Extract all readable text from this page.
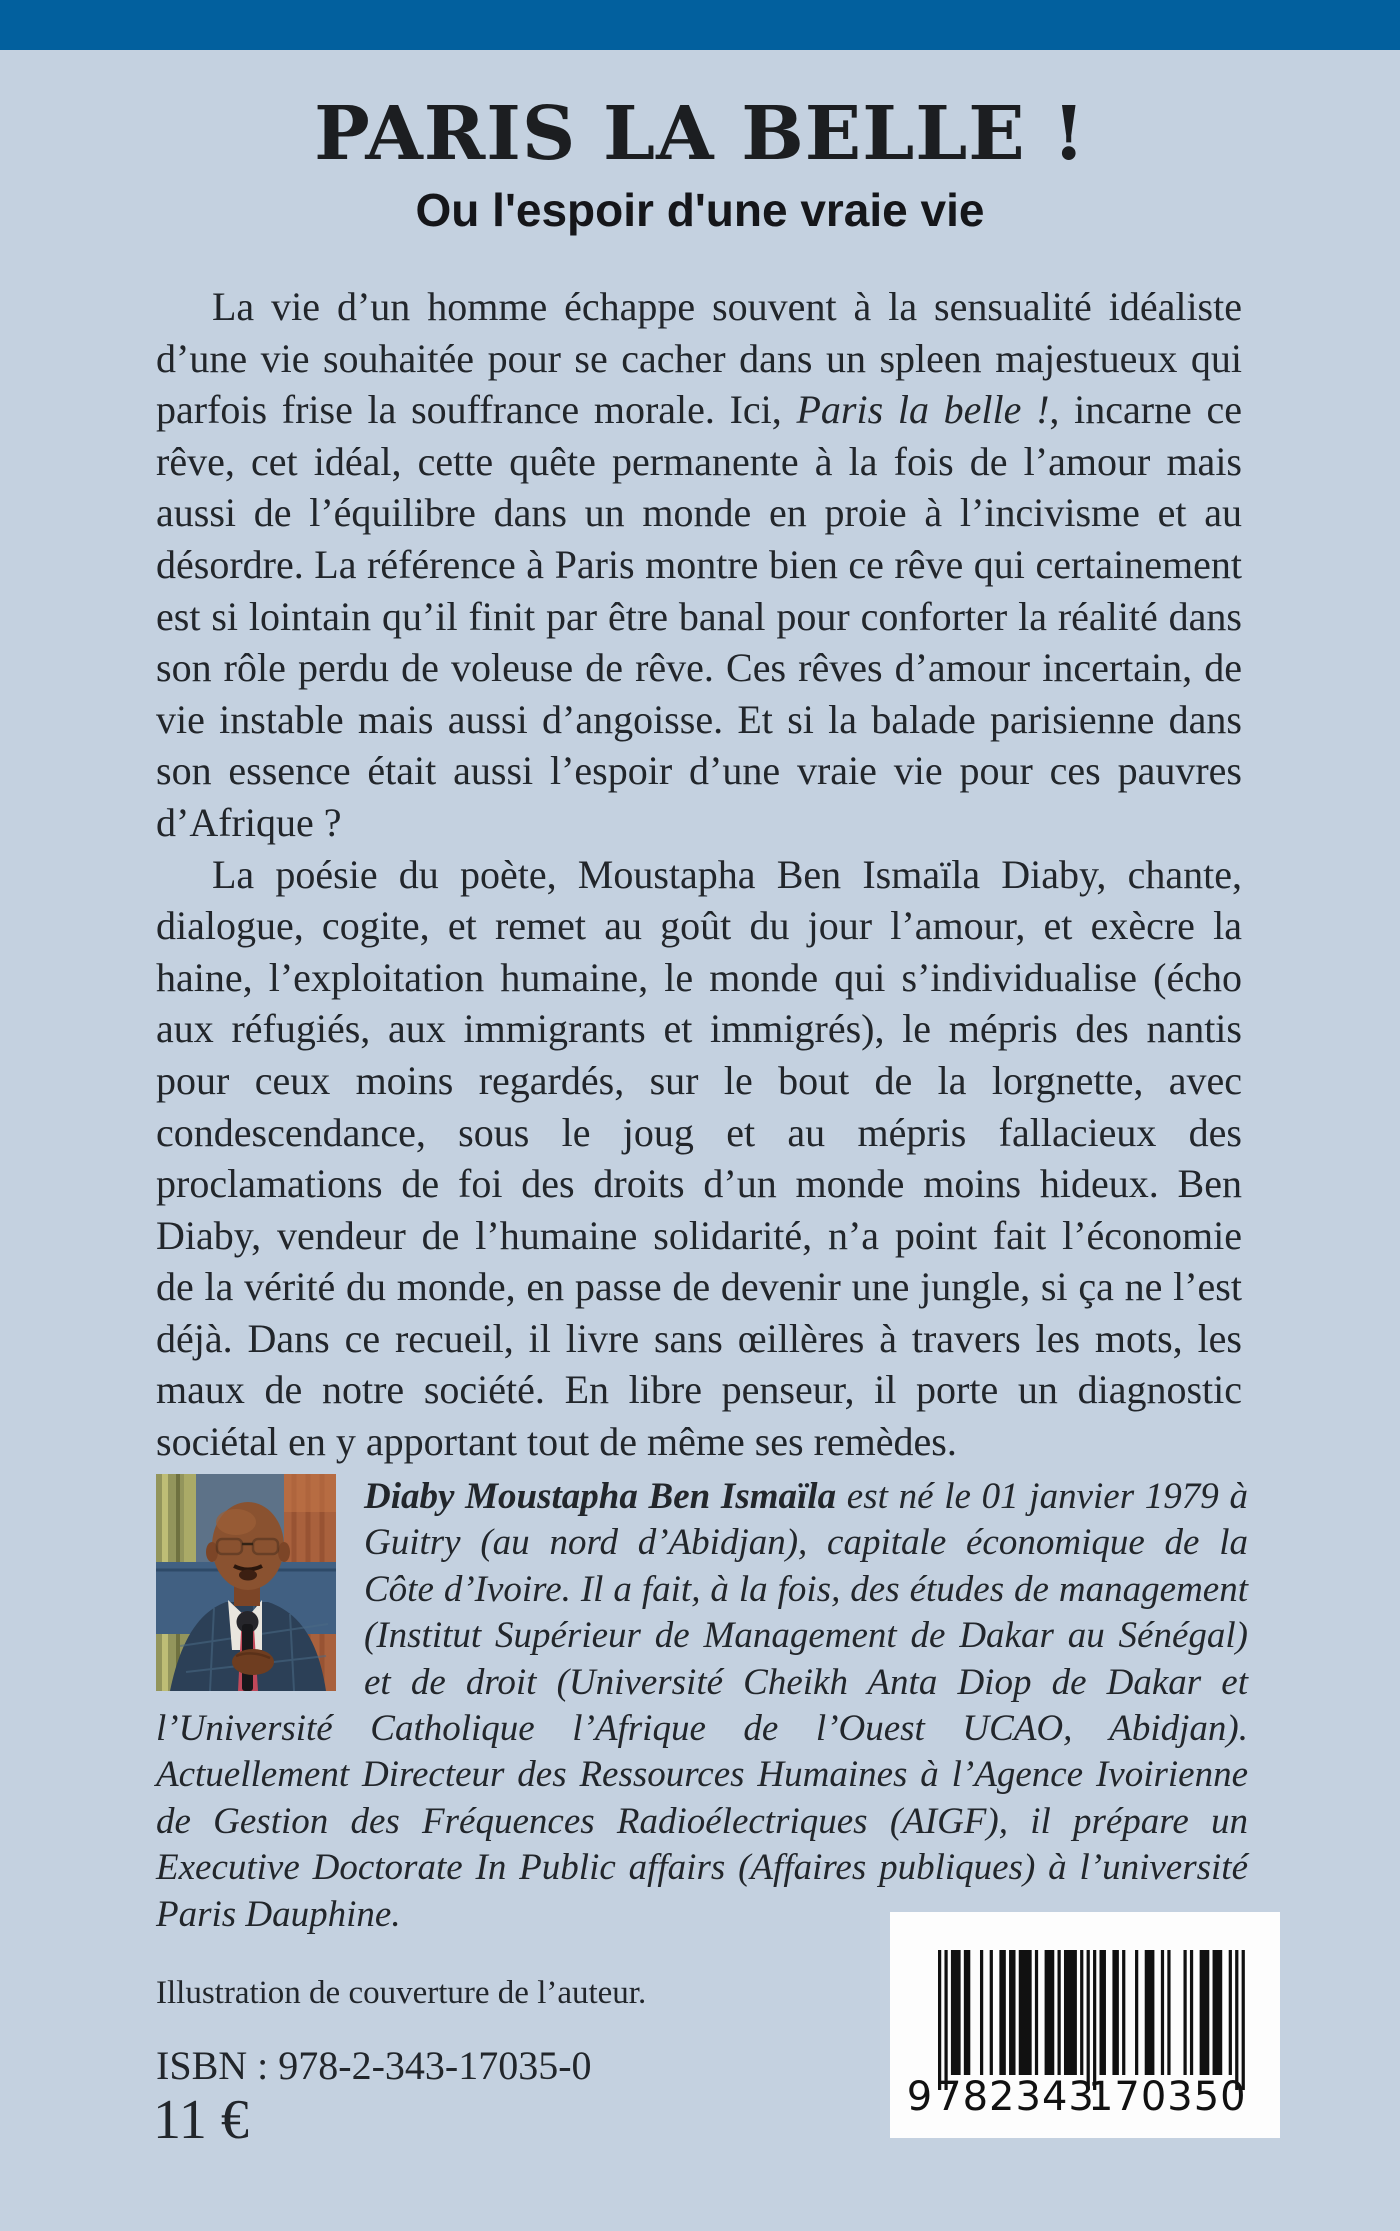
PARIS LA BELLE !
Ou l'espoir d'une vraie vie

La vie d’un homme échappe souvent à la sensualité idéaliste d’une vie souhaitée pour se cacher dans un spleen majestueux qui parfois frise la souffrance morale. Ici, Paris la belle !, incarne ce rêve, cet idéal, cette quête permanente à la fois de l’amour mais aussi de l’équilibre dans un monde en proie à l’incivisme et au désordre. La référence à Paris montre bien ce rêve qui certainement est si lointain qu’il finit par être banal pour conforter la réalité dans son rôle perdu de voleuse de rêve. Ces rêves d’amour incertain, de vie instable mais aussi d’angoisse. Et si la balade parisienne dans son essence était aussi l’espoir d’une vraie vie pour ces pauvres d’Afrique ?

La poésie du poète, Moustapha Ben Ismaïla Diaby, chante, dialogue, cogite, et remet au goût du jour l’amour, et exècre la haine, l’exploitation humaine, le monde qui s’individualise (écho aux réfugiés, aux immigrants et immigrés), le mépris des nantis pour ceux moins regardés, sur le bout de la lorgnette, avec condescendance, sous le joug et au mépris fallacieux des proclamations de foi des droits d’un monde moins hideux. Ben Diaby, vendeur de l’humaine solidarité, n’a point fait l’économie de la vérité du monde, en passe de devenir une jungle, si ça ne l’est déjà. Dans ce recueil, il livre sans œillères à travers les mots, les maux de notre société. En libre penseur, il porte un diagnostic sociétal en y apportant tout de même ses remèdes.

Diaby Moustapha Ben Ismaïla est né le 01 janvier 1979 à Guitry (au nord d’Abidjan), capitale économique de la Côte d’Ivoire. Il a fait, à la fois, des études de management (Institut Supérieur de Management de Dakar au Sénégal) et de droit (Université Cheikh Anta Diop de Dakar et l’Université Catholique l’Afrique de l’Ouest UCAO, Abidjan). Actuellement Directeur des Ressources Humaines à l’Agence Ivoirienne de Gestion des Fréquences Radioélectriques (AIGF), il prépare un Executive Doctorate In Public affairs (Affaires publiques) à l’université Paris Dauphine.
Illustration de couverture de l’auteur.
ISBN : 978-2-343-17035-0
11 €	9 782343
170350
